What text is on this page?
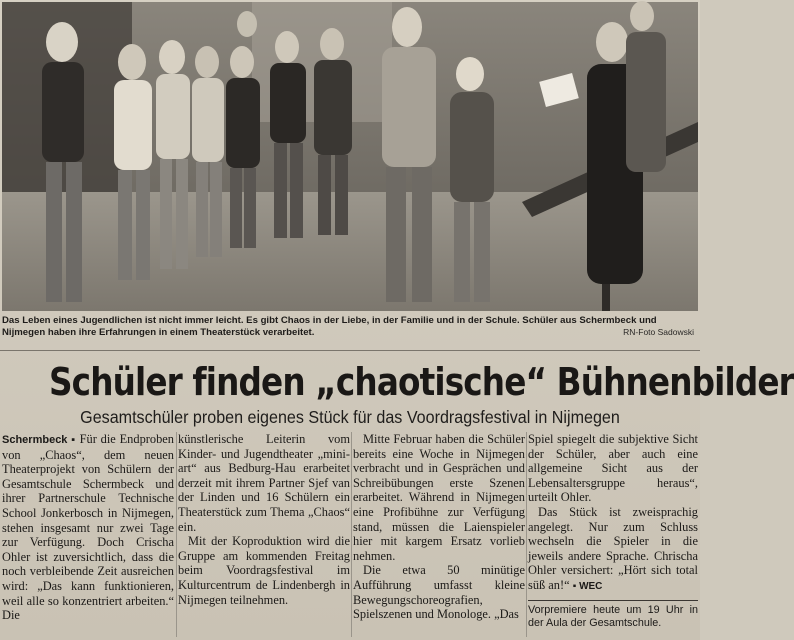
Das Leben eines Jugendlichen ist nicht immer leicht. Es gibt Chaos in der Liebe, in der Familie und in der Schule. Schüler aus Schermbeck und Nijmegen haben ihre Erfahrungen in einem Theaterstück verarbeitet.	RN-Foto Sadowski
Schüler finden „chaotische“ Bühnenbilder
Gesamtschüler proben eigenes Stück für das Voordragsfestival in Nijmegen

Schermbeck ▪ Für die Endproben von „Chaos“, dem neuen Theaterprojekt von Schülern der Gesamtschule Schermbeck und ihrer Partnerschule Technische School Jonkerbosch in Nijmegen, stehen insgesamt nur zwei Tage zur Verfügung. Doch Crischa Ohler ist zuversichtlich, dass die noch verbleibende Zeit ausreichen wird: „Das kann funktionieren, weil alle so konzentriert arbeiten.“ Die

künstlerische Leiterin vom Kinder- und Jugendtheater „mini-art“ aus Bedburg-Hau erarbeitet derzeit mit ihrem Partner Sjef van der Linden und 16 Schülern ein Theaterstück zum Thema „Chaos“ ein.

Mit der Koproduktion wird die Gruppe am kommenden Freitag beim Voordragsfestival im Kulturcentrum de Lindenbergh in Nijmegen teilnehmen.

Mitte Februar haben die Schüler bereits eine Woche in Nijmegen verbracht und in Gesprächen und Schreibübungen erste Szenen erarbeitet. Während in Nijmegen eine Profibühne zur Verfügung stand, müssen die Laienspieler hier mit kargem Ersatz vorlieb nehmen.

Die etwa 50 minütige Aufführung umfasst kleine Bewegungschoreografien, Spielszenen und Monologe. „Das

Spiel spiegelt die subjektive Sicht der Schüler, aber auch eine allgemeine Sicht aus der Lebensaltersgruppe heraus“, urteilt Ohler.

Das Stück ist zweisprachig angelegt. Nur zum Schluss wechseln die Spieler in die jeweils andere Sprache. Chrischa Ohler versichert: „Hört sich total süß an!“ ▪ WEC

Vorpremiere heute um 19 Uhr in der Aula der Gesamtschule.
